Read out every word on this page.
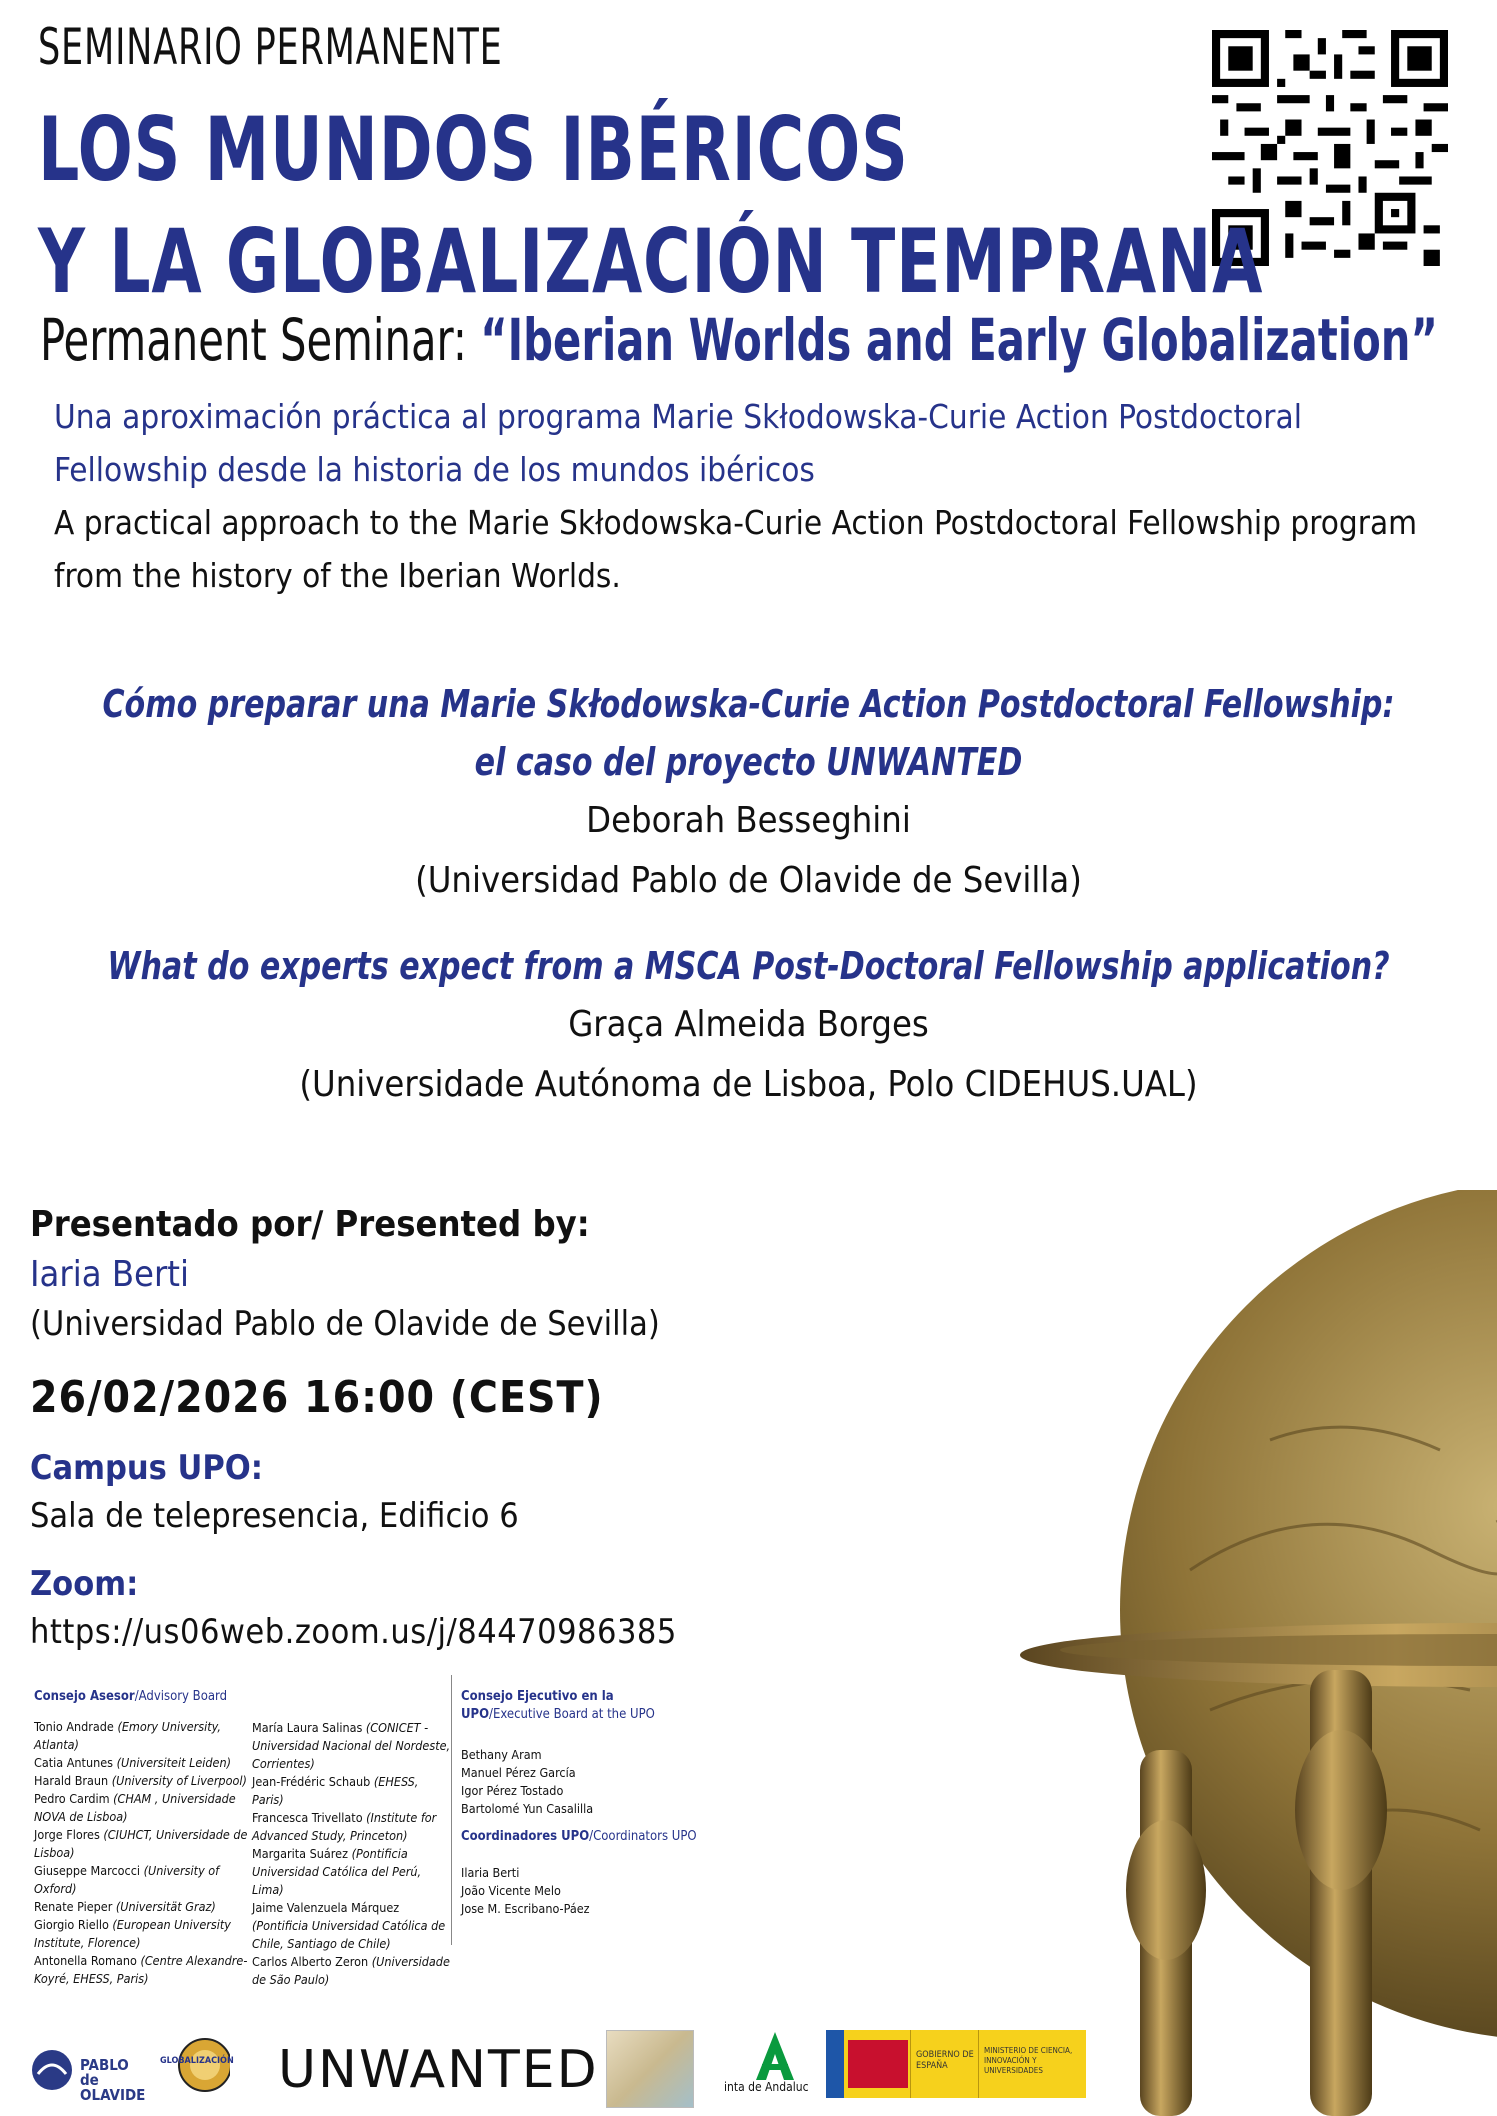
SEMINARIO PERMANENTE
LOS MUNDOS IBÉRICOS
Y LA GLOBALIZACIÓN TEMPRANA
Permanent Seminar: “Iberian Worlds and Early Globalization”
Una aproximación práctica al programa Marie Skłodowska-Curie Action Postdoctoral Fellowship desde la historia de los mundos ibéricos
A practical approach to the Marie Skłodowska-Curie Action Postdoctoral Fellowship program from the history of the Iberian Worlds.
Cómo preparar una Marie Skłodowska-Curie Action Postdoctoral Fellowship:
el caso del proyecto UNWANTED
Deborah Besseghini
(Universidad Pablo de Olavide de Sevilla)
What do experts expect from a MSCA Post-Doctoral Fellowship application?
Graça Almeida Borges
(Universidade Autónoma de Lisboa, Polo CIDEHUS.UAL)
Presentado por/ Presented by:
Iaria Berti
(Universidad Pablo de Olavide de Sevilla)
26/02/2026 16:00 (CEST)
Campus UPO:
Sala de telepresencia, Edificio 6
Zoom:
https://us06web.zoom.us/j/84470986385
Consejo Asesor/Advisory Board
Tonio Andrade (Emory University, Atlanta)
Catia Antunes (Universiteit Leiden)
Harald Braun (University of Liverpool)
Pedro Cardim (CHAM , Universidade NOVA de Lisboa)
Jorge Flores (CIUHCT, Universidade de Lisboa)
Giuseppe Marcocci (University of Oxford)
Renate Pieper (Universität Graz)
Giorgio Riello (European University Institute, Florence)
Antonella Romano (Centre Alexandre-Koyré, EHESS, Paris)
María Laura Salinas (CONICET - Universidad Nacional del Nordeste, Corrientes)
Jean-Frédéric Schaub (EHESS, Paris)
Francesca Trivellato (Institute for Advanced Study, Princeton)
Margarita Suárez (Pontificia Universidad Católica del Perú, Lima)
Jaime Valenzuela Márquez (Pontificia Universidad Católica de Chile, Santiago de Chile)
Carlos Alberto Zeron (Universidade de São Paulo)
Consejo Ejecutivo en la UPO/Executive Board at the UPO
Bethany Aram
Manuel Pérez García
Igor Pérez Tostado
Bartolomé Yun Casalilla
Coordinadores UPO/Coordinators UPO
Ilaria Berti
João Vicente Melo
Jose M. Escribano-Páez
PABLO de OLAVIDE
GLOBALIZACIÓN UNWANTED	inta de Andaluc
GOBIERNO DE ESPAÑA
MINISTERIO DE CIENCIA, INNOVACIÓN Y UNIVERSIDADES
